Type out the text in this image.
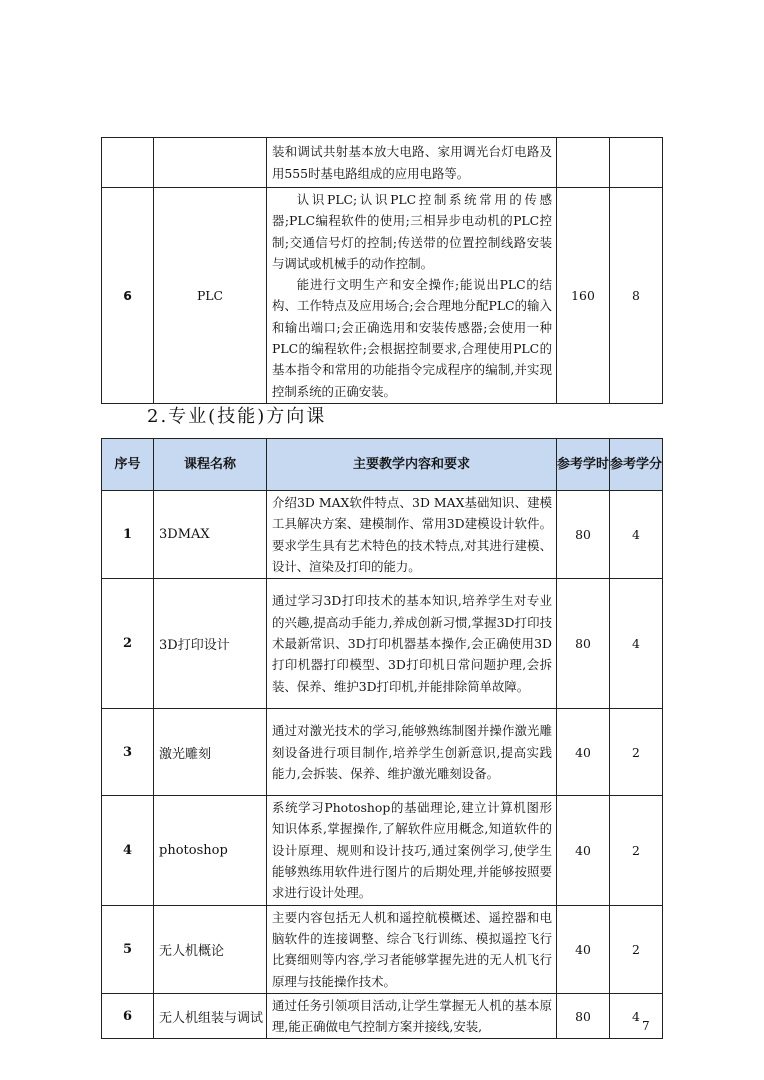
		装和调试共射基本放大电路、家用调光台灯电路及用555时基电路组成的应用电路等。		

6	PLC	认识PLC;认识PLC控制系统常用的传感器;PLC编程软件的使用;三相异步电动机的PLC控制;交通信号灯的控制;传送带的位置控制线路安装与调试或机械手的动作控制。
能进行文明生产和安全操作;能说出PLC的结构、工作特点及应用场合;会合理地分配PLC的输入和输出端口;会正确选用和安装传感器;会使用一种PLC的编程软件;会根据控制要求,合理使用PLC的基本指令和常用的功能指令完成程序的编制,并实现控制系统的正确安装。	160	8
2.专业(技能)方向课
序号	课程名称	主要教学内容和要求	参考学时	参考学分
1	3DMAX	介绍3D MAX软件特点、3D MAX基础知识、建模工具解决方案、建模制作、常用3D建模设计软件。要求学生具有艺术特色的技术特点,对其进行建模、设计、渲染及打印的能力。	80	4
2	3D打印设计	通过学习3D打印技术的基本知识,培养学生对专业的兴趣,提高动手能力,养成创新习惯,掌握3D打印技术最新常识、3D打印机器基本操作,会正确使用3D打印机器打印模型、3D打印机日常问题护理,会拆装、保养、维护3D打印机,并能排除简单故障。	80	4
3	激光雕刻	通过对激光技术的学习,能够熟练制图并操作激光雕刻设备进行项目制作,培养学生创新意识,提高实践能力,会拆装、保养、维护激光雕刻设备。	40	2
4	photoshop	系统学习Photoshop的基础理论,建立计算机图形知识体系,掌握操作,了解软件应用概念,知道软件的设计原理、规则和设计技巧,通过案例学习,使学生能够熟练用软件进行图片的后期处理,并能够按照要求进行设计处理。	40	2
5	无人机概论	主要内容包括无人机和遥控航模概述、遥控器和电脑软件的连接调整、综合飞行训练、模拟遥控飞行比赛细则等内容,学习者能够掌握先进的无人机飞行原理与技能操作技术。	40	2
6	无人机组装与调试	通过任务引领项目活动,让学生掌握无人机的基本原理,能正确做电气控制方案并接线,安装,	80	4
7
